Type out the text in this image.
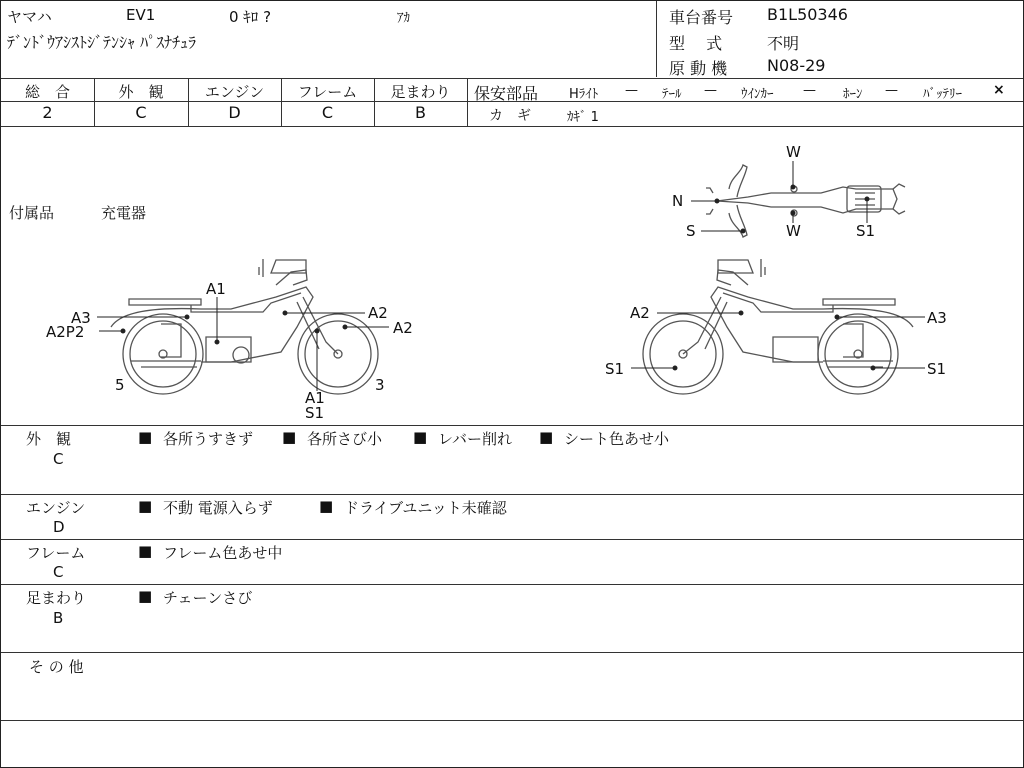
ヤマハ	EV1	0 ｷﾛ ?	ｱｶ
ﾃﾞﾝﾄﾞｳｱｼｽﾄｼﾞﾃﾝｼｬ ﾊﾟｽﾅﾁｭﾗ
車台番号 B1L50346
型　 式	不明
原 動 機 N08-29
総　合	外　観	エンジン	フレーム	足まわり
2	C	D	C	B
保安部品 Hﾗｲﾄ — ﾃｰﾙ — ｳｲﾝｶｰ — ﾎｰﾝ — ﾊﾞｯﾃﾘｰ ×
カ　ギ	ｶｷﾞ 1
付属品	充電器
W
N
S	W	S1
A1
A3
A2P2
A2
A2
5	3
A1
S1
A2	A3
S1	S1
外　観
C
■ 各所うすきず ■ 各所さび小 ■ レバー削れ ■ シート色あせ小
エンジン
D
■ 不動 電源入らず	■ ドライブユニット未確認
フレーム
C
■ フレーム色あせ中
足まわり
B
■ チェーンさび
そ の 他
